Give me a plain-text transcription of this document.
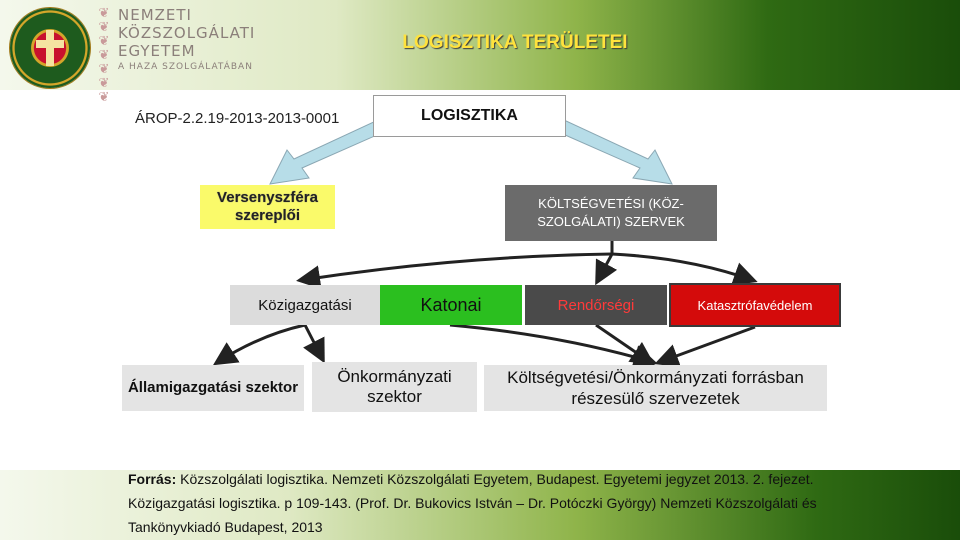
❦
❦
❦
❦
❦
❦
❦
NEMZETI
KÖZSZOLGÁLATI
EGYETEM
A HAZA SZOLGÁLATÁBAN
LOGISZTIKA TERÜLETEI
ÁROP-2.2.19-2013-2013-0001	LOGISZTIKA
Versenyszféra szereplői
KÖLTSÉGVETÉSI (KÖZ-SZOLGÁLATI) SZERVEK
Közigazgatási	Katonai	Rendőrségi	Katasztrófavédelem
Államigazgatási szektor
Önkormányzati szektor
Költségvetési/Önkormányzati forrásban részesülő szervezetek
Forrás: Közszolgálati logisztika. Nemzeti Közszolgálati Egyetem, Budapest. Egyetemi jegyzet 2013. 2. fejezet. Közigazgatási logisztika. p 109-143. (Prof. Dr. Bukovics István – Dr. Potóczki György) Nemzeti Közszolgálati és Tankönyvkiadó Budapest, 2013
